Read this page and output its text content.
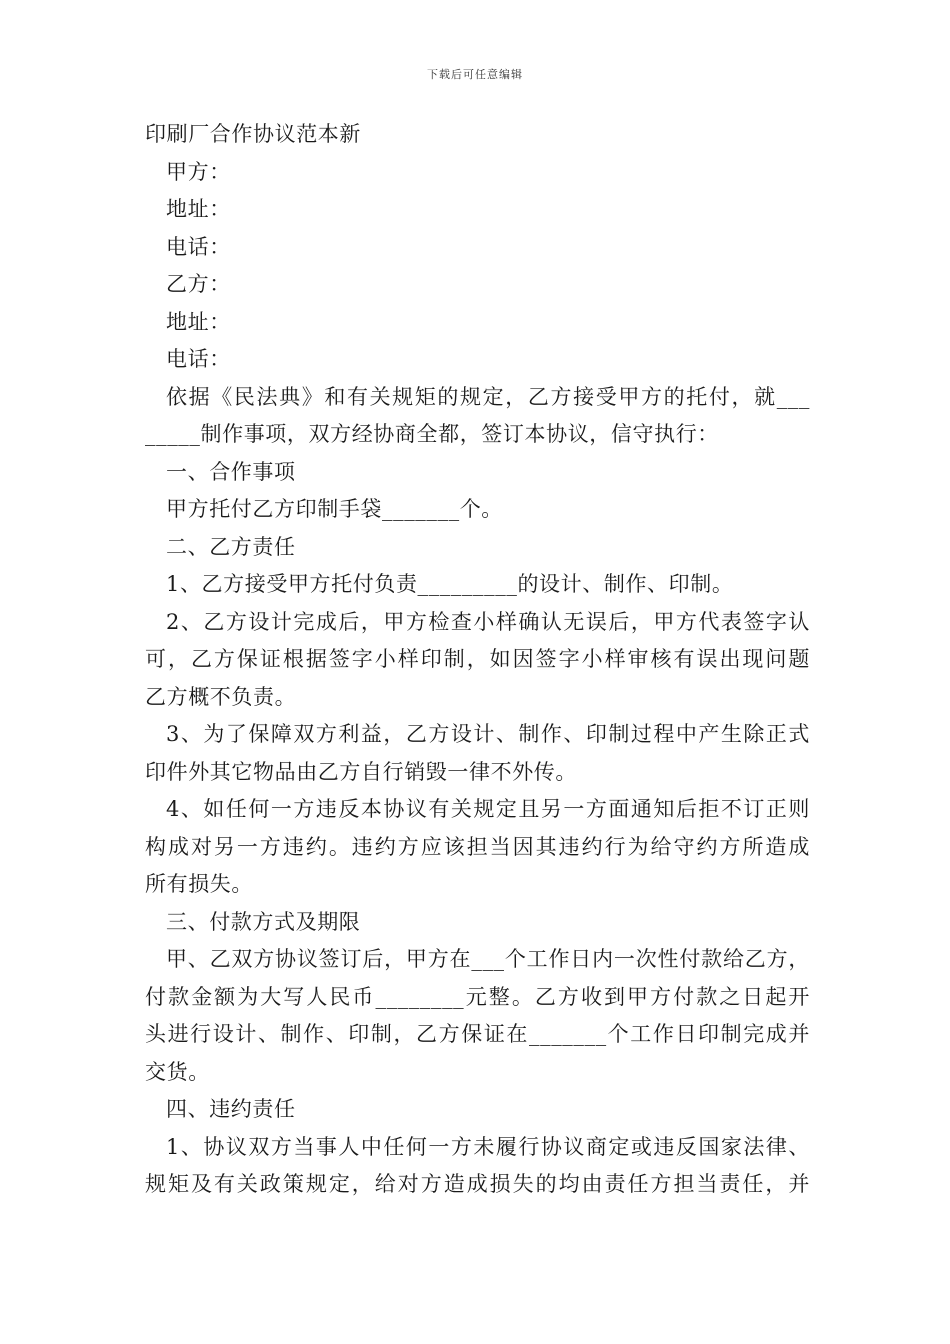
下载后可任意编辑
印刷厂合作协议范本新
甲方：
地址：
电话：
乙方：
地址：
电话：
依据《民法典》和有关规矩的规定，乙方接受甲方的托付，就___
_____制作事项，双方经协商全都，签订本协议，信守执行：
一、合作事项
甲方托付乙方印制手袋_______个。
二、乙方责任
1、乙方接受甲方托付负责_________的设计、制作、印制。
2、乙方设计完成后，甲方检查小样确认无误后，甲方代表签字认
可，乙方保证根据签字小样印制，如因签字小样审核有误出现问题
乙方概不负责。
3、为了保障双方利益，乙方设计、制作、印制过程中产生除正式
印件外其它物品由乙方自行销毁一律不外传。
4、如任何一方违反本协议有关规定且另一方面通知后拒不订正则
构成对另一方违约。违约方应该担当因其违约行为给守约方所造成
所有损失。
三、付款方式及期限
甲、乙双方协议签订后，甲方在___个工作日内一次性付款给乙方，
付款金额为大写人民币________元整。乙方收到甲方付款之日起开
头进行设计、制作、印制，乙方保证在_______个工作日印制完成并
交货。
四、违约责任
1、协议双方当事人中任何一方未履行协议商定或违反国家法律、
规矩及有关政策规定，给对方造成损失的均由责任方担当责任，并
